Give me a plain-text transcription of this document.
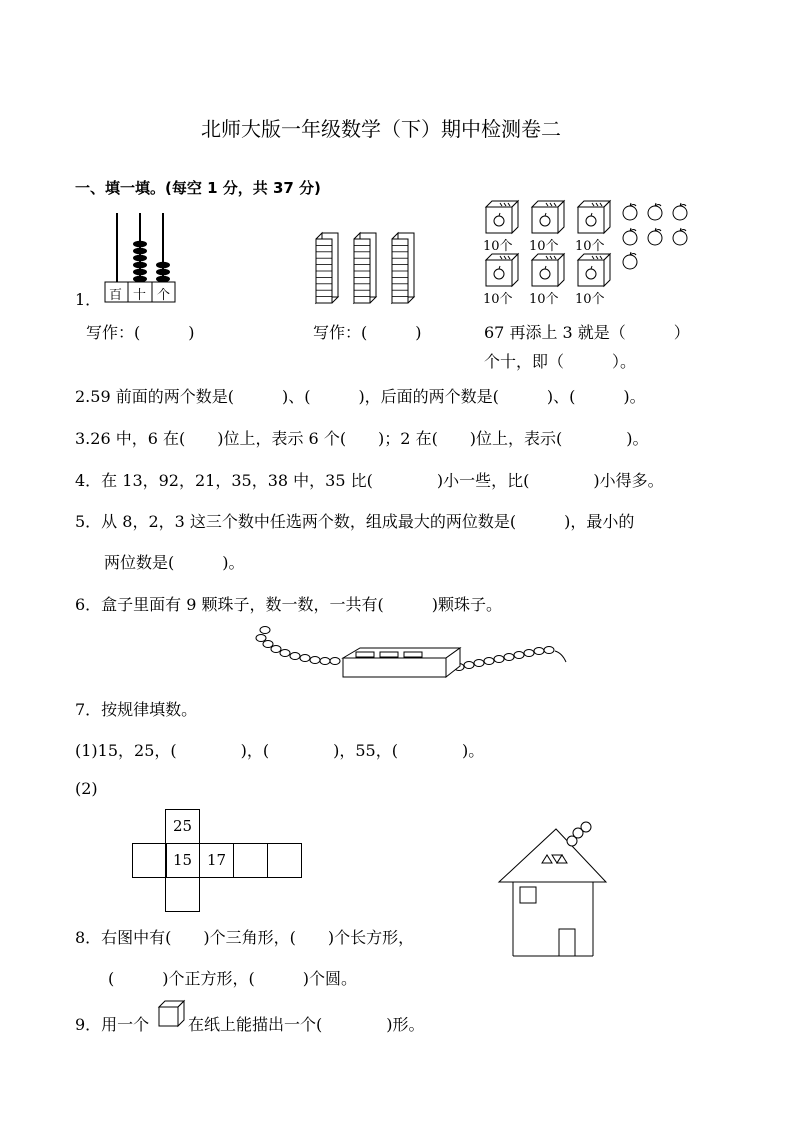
北师大版一年级数学（下）期中检测卷二
一、填一填。(每空 1 分，共 37 分)
1． 百 十 个
写作：(　　　)	写作：(　　　)
10个 10个 10个
10个 10个 10个
67 再添上 3 就是（　　　）
个十，即（　　　）。
2.59 前面的两个数是(　　　)、(　　　)，后面的两个数是(　　　)、(　　　)。
3.26 中，6 在(　　)位上，表示 6 个(　　)；2 在(　　)位上，表示(　　　　)。
4．在 13，92，21，35，38 中，35 比(　　　　)小一些，比(　　　　)小得多。
5．从 8，2，3 这三个数中任选两个数，组成最大的两位数是(　　　)，最小的
两位数是(　　　)。
6．盒子里面有 9 颗珠子，数一数，一共有(　　　)颗珠子。
7．按规律填数。
(1)15，25，(　　　　)，(　　　　)，55，(　　　　)。
(2)
25
15 17
8．右图中有(　　)个三角形，(　　)个长方形，
(　　　)个正方形，(　　　)个圆。
9．用一个 在纸上能描出一个(　　　　)形。
